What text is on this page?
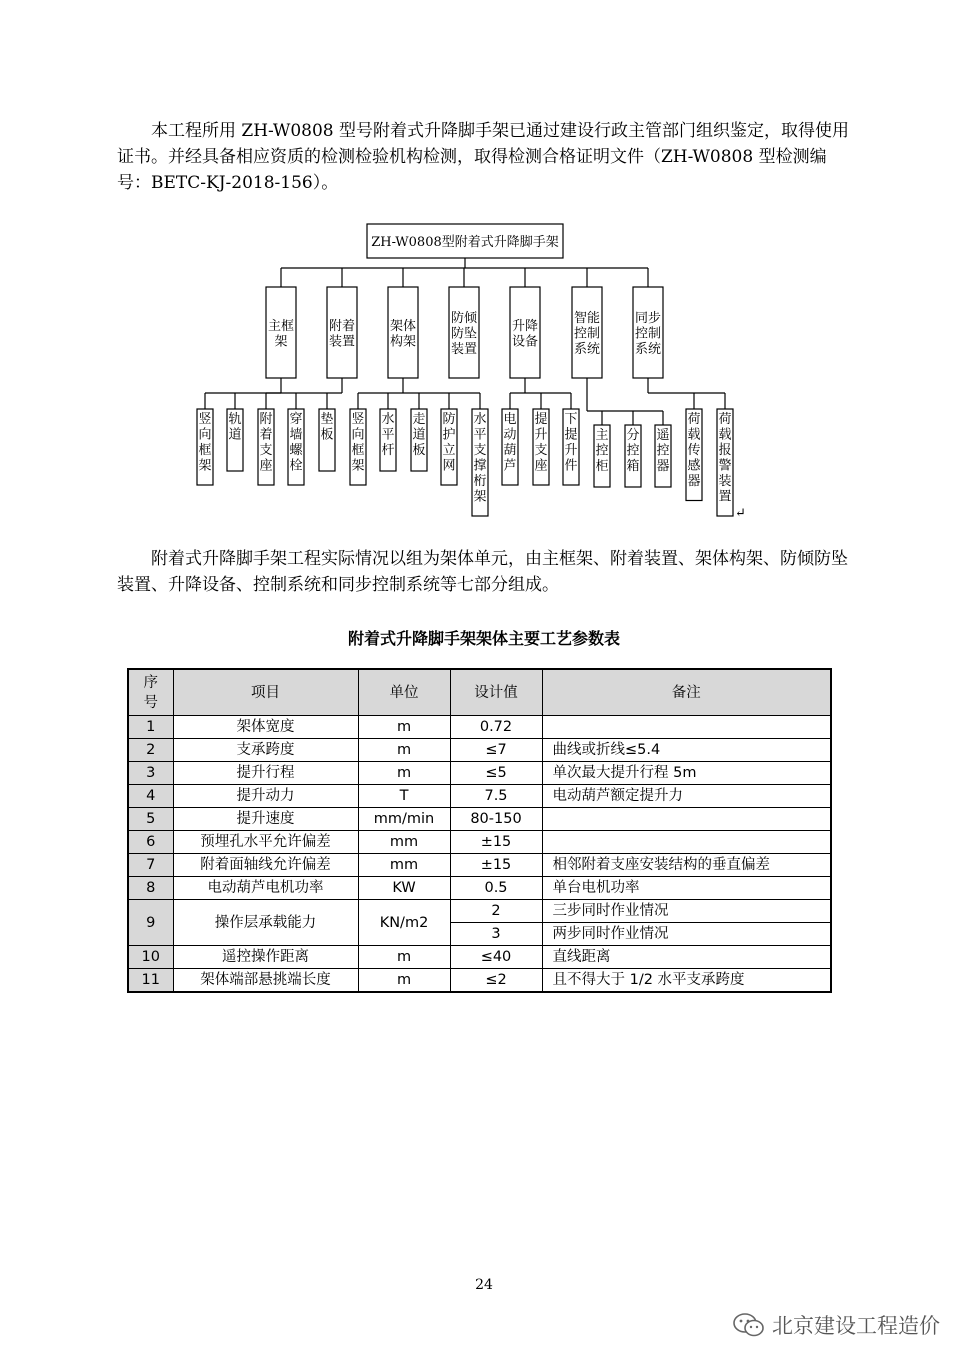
本工程所用 ZH-W0808 型号附着式升降脚手架已通过建设行政主管部门组织鉴定，取得使用证书。并经具备相应资质的检测检验机构检测，取得检测合格证明文件（ZH-W0808 型检测编号：BETC-KJ-2018-156）。

ZH-W0808型附着式升降脚手架
主框架
附着装置
架体构架
防倾防坠装置
升降设备
智能控制系统
同步控制系统
竖向框架
轨道
附着支座
穿墙螺栓
垫板
竖向框架
水平杆
走道板
防护立网
水平支撑桁架
电动葫芦
提升支座
下提升件
主控柜
分控箱
遥控器
荷载传感器
荷载报警装置
↵

附着式升降脚手架工程实际情况以组为架体单元，由主框架、附着装置、架体构架、防倾防坠装置、升降设备、控制系统和同步控制系统等七部分组成。

附着式升降脚手架架体主要工艺参数表
序号	项目	单位	设计值	备注
1	架体宽度	m	0.72	
2	支承跨度	m	≤7	曲线或折线≤5.4
3	提升行程	m	≤5	单次最大提升行程 5m
4	提升动力	T	7.5	电动葫芦额定提升力
5	提升速度	mm/min	80-150	
6	预埋孔水平允许偏差	mm	±15	
7	附着面轴线允许偏差	mm	±15	相邻附着支座安装结构的垂直偏差
8	电动葫芦电机功率	KW	0.5	单台电机功率
9	操作层承载能力	KN/m2	2	三步同时作业情况
			3	两步同时作业情况
10	遥控操作距离	m	≤40	直线距离
11	架体端部悬挑端长度	m	≤2	且不得大于 1/2 水平支承跨度
24
北京建设工程造价
